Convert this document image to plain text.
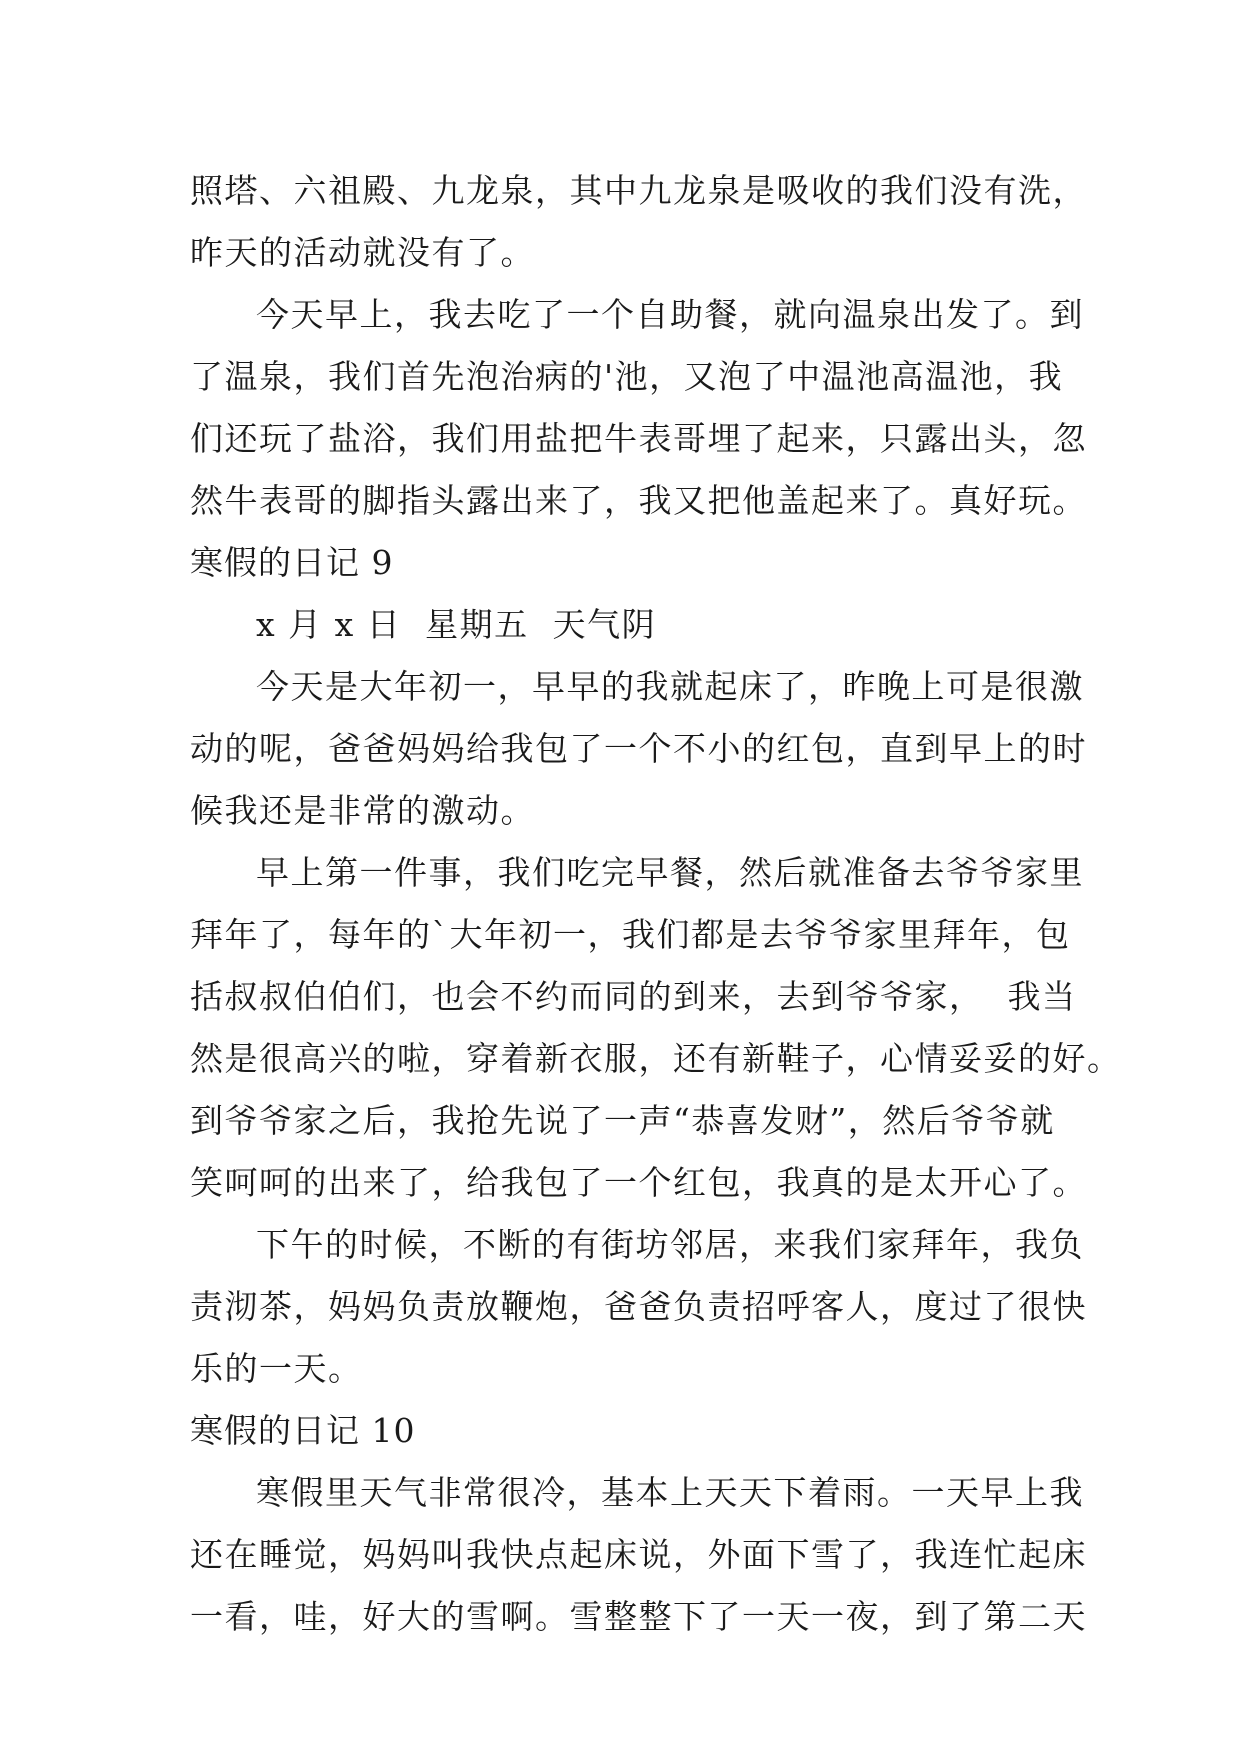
照塔、六祖殿、九龙泉，其中九龙泉是吸收的我们没有洗，
昨天的活动就没有了。
今天早上，我去吃了一个自助餐，就向温泉出发了。到
了温泉，我们首先泡治病的'池，又泡了中温池高温池，我
们还玩了盐浴，我们用盐把牛表哥埋了起来，只露出头，忽
然牛表哥的脚指头露出来了，我又把他盖起来了。真好玩。
寒假的日记 9
x 月 x 日  星期五  天气阴
今天是大年初一，早早的我就起床了，昨晚上可是很激
动的呢，爸爸妈妈给我包了一个不小的红包，直到早上的时
候我还是非常的激动。
早上第一件事，我们吃完早餐，然后就准备去爷爷家里
拜年了，每年的`大年初一，我们都是去爷爷家里拜年，包
括叔叔伯伯们，也会不约而同的到来，去到爷爷家，  我当
然是很高兴的啦，穿着新衣服，还有新鞋子，心情妥妥的好。
到爷爷家之后，我抢先说了一声“恭喜发财”，然后爷爷就
笑呵呵的出来了，给我包了一个红包，我真的是太开心了。
下午的时候，不断的有街坊邻居，来我们家拜年，我负
责沏茶，妈妈负责放鞭炮，爸爸负责招呼客人，度过了很快
乐的一天。
寒假的日记 10
寒假里天气非常很冷，基本上天天下着雨。一天早上我
还在睡觉，妈妈叫我快点起床说，外面下雪了，我连忙起床
一看，哇，好大的雪啊。雪整整下了一天一夜，到了第二天
